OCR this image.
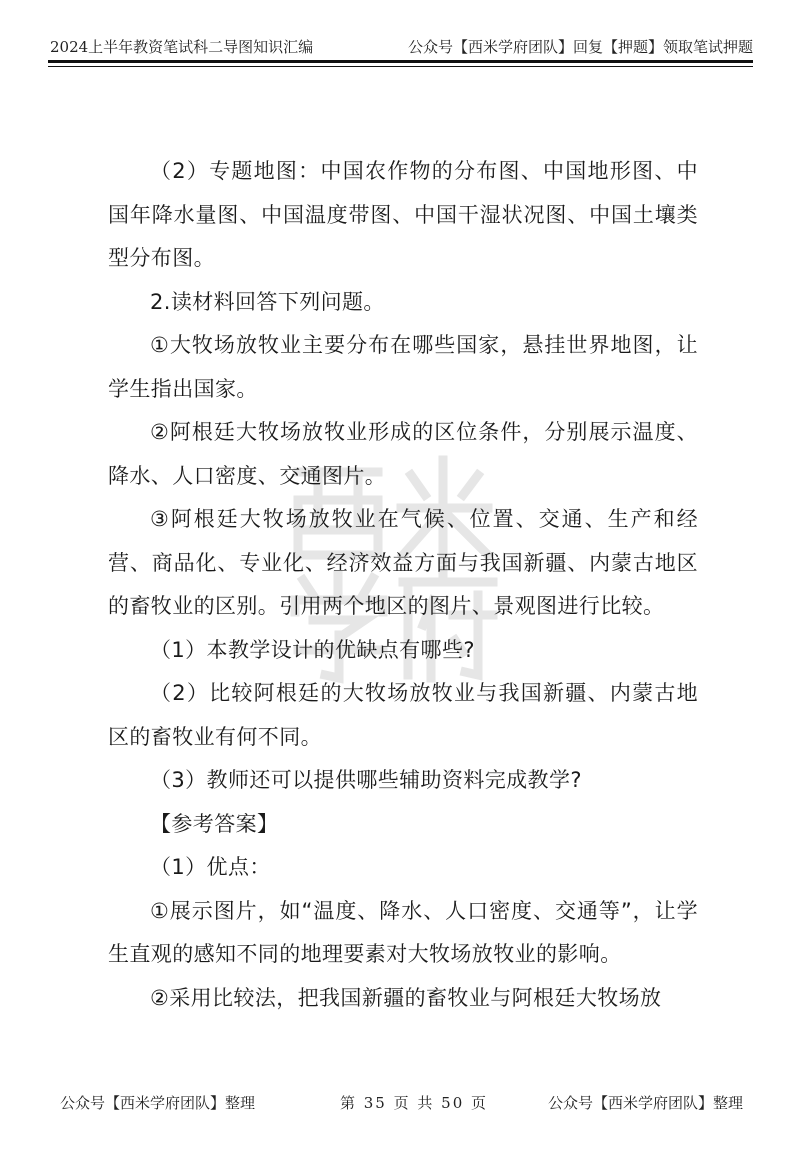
2024上半年教资笔试科二导图知识汇编	公众号【西米学府团队】回复【押题】领取笔试押题

（2）专题地图：中国农作物的分布图、中国地形图、中国年降水量图、中国温度带图、中国干湿状况图、中国土壤类型分布图。

2.读材料回答下列问题。

①大牧场放牧业主要分布在哪些国家，悬挂世界地图，让学生指出国家。

②阿根廷大牧场放牧业形成的区位条件，分别展示温度、降水、人口密度、交通图片。

③阿根廷大牧场放牧业在气候、位置、交通、生产和经营、商品化、专业化、经济效益方面与我国新疆、内蒙古地区的畜牧业的区别。引用两个地区的图片、景观图进行比较。

（1）本教学设计的优缺点有哪些?

（2）比较阿根廷的大牧场放牧业与我国新疆、内蒙古地区的畜牧业有何不同。

（3）教师还可以提供哪些辅助资料完成教学?

【参考答案】

（1）优点：

①展示图片，如“温度、降水、人口密度、交通等”，让学生直观的感知不同的地理要素对大牧场放牧业的影响。

②采用比较法，把我国新疆的畜牧业与阿根廷大牧场放

公众号【西米学府团队】整理	第 35 页 共 50 页	公众号【西米学府团队】整理
